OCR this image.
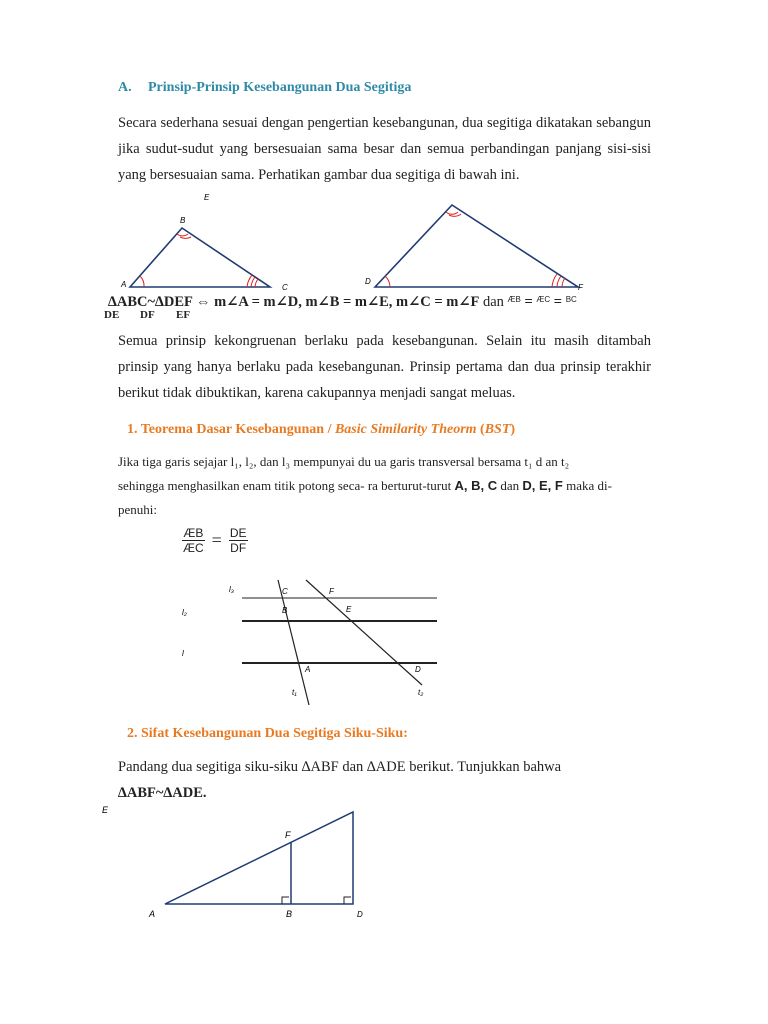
A. Prinsip-Prinsip Kesebangunan Dua Segitiga
Secara sederhana sesuai dengan pengertian kesebangunan, dua segitiga dikatakan sebangun jika sudut-sudut yang bersesuaian sama besar dan semua perbandingan panjang sisi-sisi yang bersesuaian sama. Perhatikan gambar dua segitiga di bawah ini.
E
A
B
C
D
F
∆ABC~∆DEF ⇔ m∠A = m∠D, m∠B = m∠E, m∠C = m∠F dan ÆB = ÆC = BC
DE DF EF
Semua prinsip kekongruenan berlaku pada kesebangunan. Selain itu masih ditambah prinsip yang hanya berlaku pada kesebangunan. Prinsip pertama dan dua prinsip terakhir berikut tidak dibuktikan, karena cakupannya menjadi sangat meluas.
1. Teorema Dasar Kesebangunan / Basic Similarity Theorm (BST)
Jika tiga garis sejajar l₁, l₂, dan l₃ mempunyai du ua garis transversal bersama t₁ d an t₂
sehingga menghasilkan enam titik potong seca- ra berturut-turut A, B, C dan D, E, F maka di-
penuhi:
$\frac{ÆB}{ÆC} = \frac{DE}{DF}$
l₃
l₂
l
C	F
B	E
A	D
t₁	t₂
2. Sifat Kesebangunan Dua Segitiga Siku-Siku:
Pandang dua segitiga siku-siku ∆ABF dan ∆ADE berikut. Tunjukkan bahwa
∆ABF~∆ADE.
E
F
A	B	D
